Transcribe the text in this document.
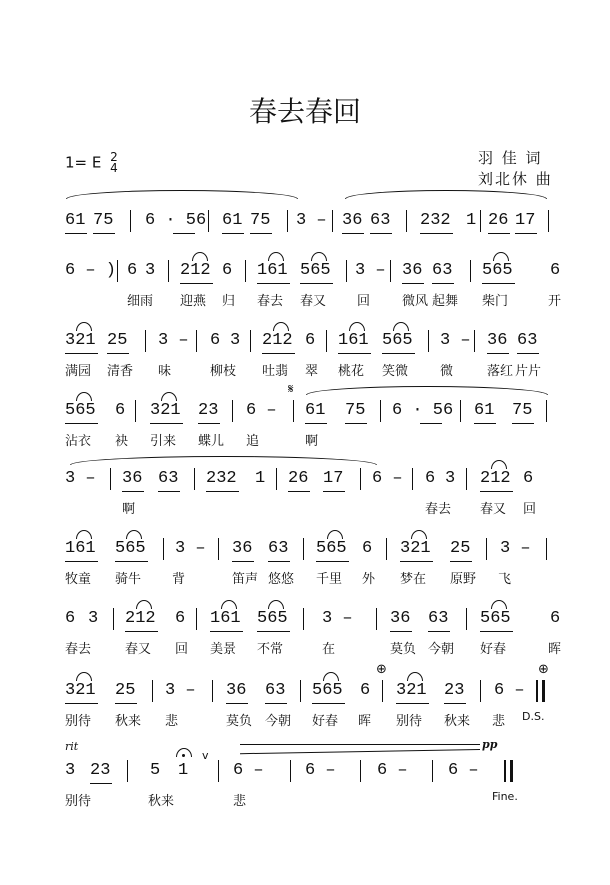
春去春回
1= E 2
4
羽 佳 词
刘北休 曲
61 75 6 · 56 61 75 3 – 36 63 232 1 26 17
6 – ) 6 3 212 6 161 565 3 – 36 63 565 6
细雨 迎燕 归 春去 春又 回 微风 起舞 柴门	开
321 25 3 – 6 3 212 6 161 565 3 – 36 63
满园 清香 味	柳枝 吐翡 翠 桃花 笑微 微	落红 片片
𝄋
565 6 321 23 6 – 61 75 6 · 56 61 75
沾衣 袂 引来 蝶儿 追	啊
3 – 36 63 232 1 26 17 6 – 6 3 212 6
啊	春去 春又 回
161 565 3 – 36 63 565 6 321 25 3 –
牧童 骑牛 背	笛声 悠悠 千里 外 梦在 原野 飞
6 3 212 6 161 565 3 – 36 63 565 6
春去	春又 回 美景 不常	在	莫负 今朝 好春	晖
⊕	⊕
321 25 3 – 36 63 565 6 321 23 6 –
别待 秋来 悲	莫负 今朝 好春 晖 别待 秋来 悲 D.S.
rit	pp
v
3 23 5 1	6 – 6 – 6 – 6 –
别待	秋来	悲	Fine.
